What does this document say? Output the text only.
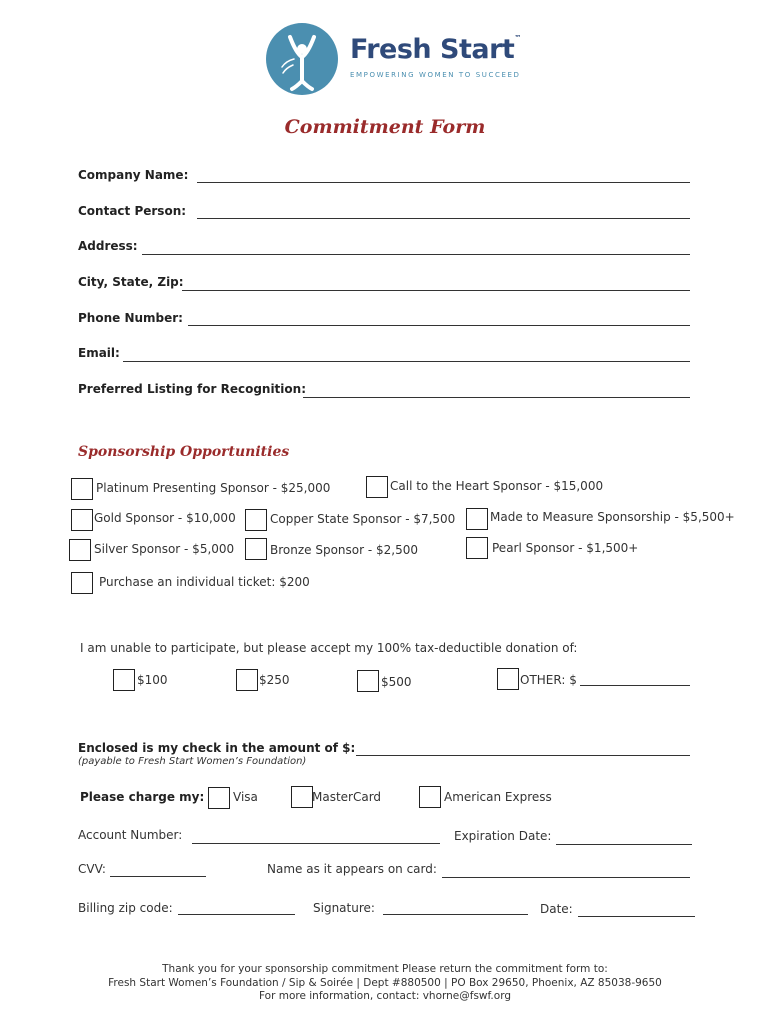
Fresh Start™
EMPOWERING WOMEN TO SUCCEED
Commitment Form
Company Name:
Contact Person:
Address:
City, State, Zip:
Phone Number:
Email:
Preferred Listing for Recognition:
Sponsorship Opportunities
Platinum Presenting Sponsor - $25,000	Call to the Heart Sponsor - $15,000
Gold Sponsor - $10,000	Copper State Sponsor - $7,500	Made to Measure Sponsorship - $5,500+
Silver Sponsor - $5,000	Bronze Sponsor - $2,500	Pearl Sponsor - $1,500+
Purchase an individual ticket: $200
I am unable to participate, but please accept my 100% tax-deductible donation of:
$100	$250	$500	OTHER: $
Enclosed is my check in the amount of $:
(payable to Fresh Start Women’s Foundation)
Please charge my: Visa	MasterCard	American Express
Account Number:	Expiration Date:
CVV:	Name as it appears on card:
Billing zip code:	Signature:	Date:
Thank you for your sponsorship commitment Please return the commitment form to:
Fresh Start Women’s Foundation / Sip & Soirée | Dept #880500 | PO Box 29650, Phoenix, AZ 85038-9650
For more information, contact: vhorne@fswf.org
